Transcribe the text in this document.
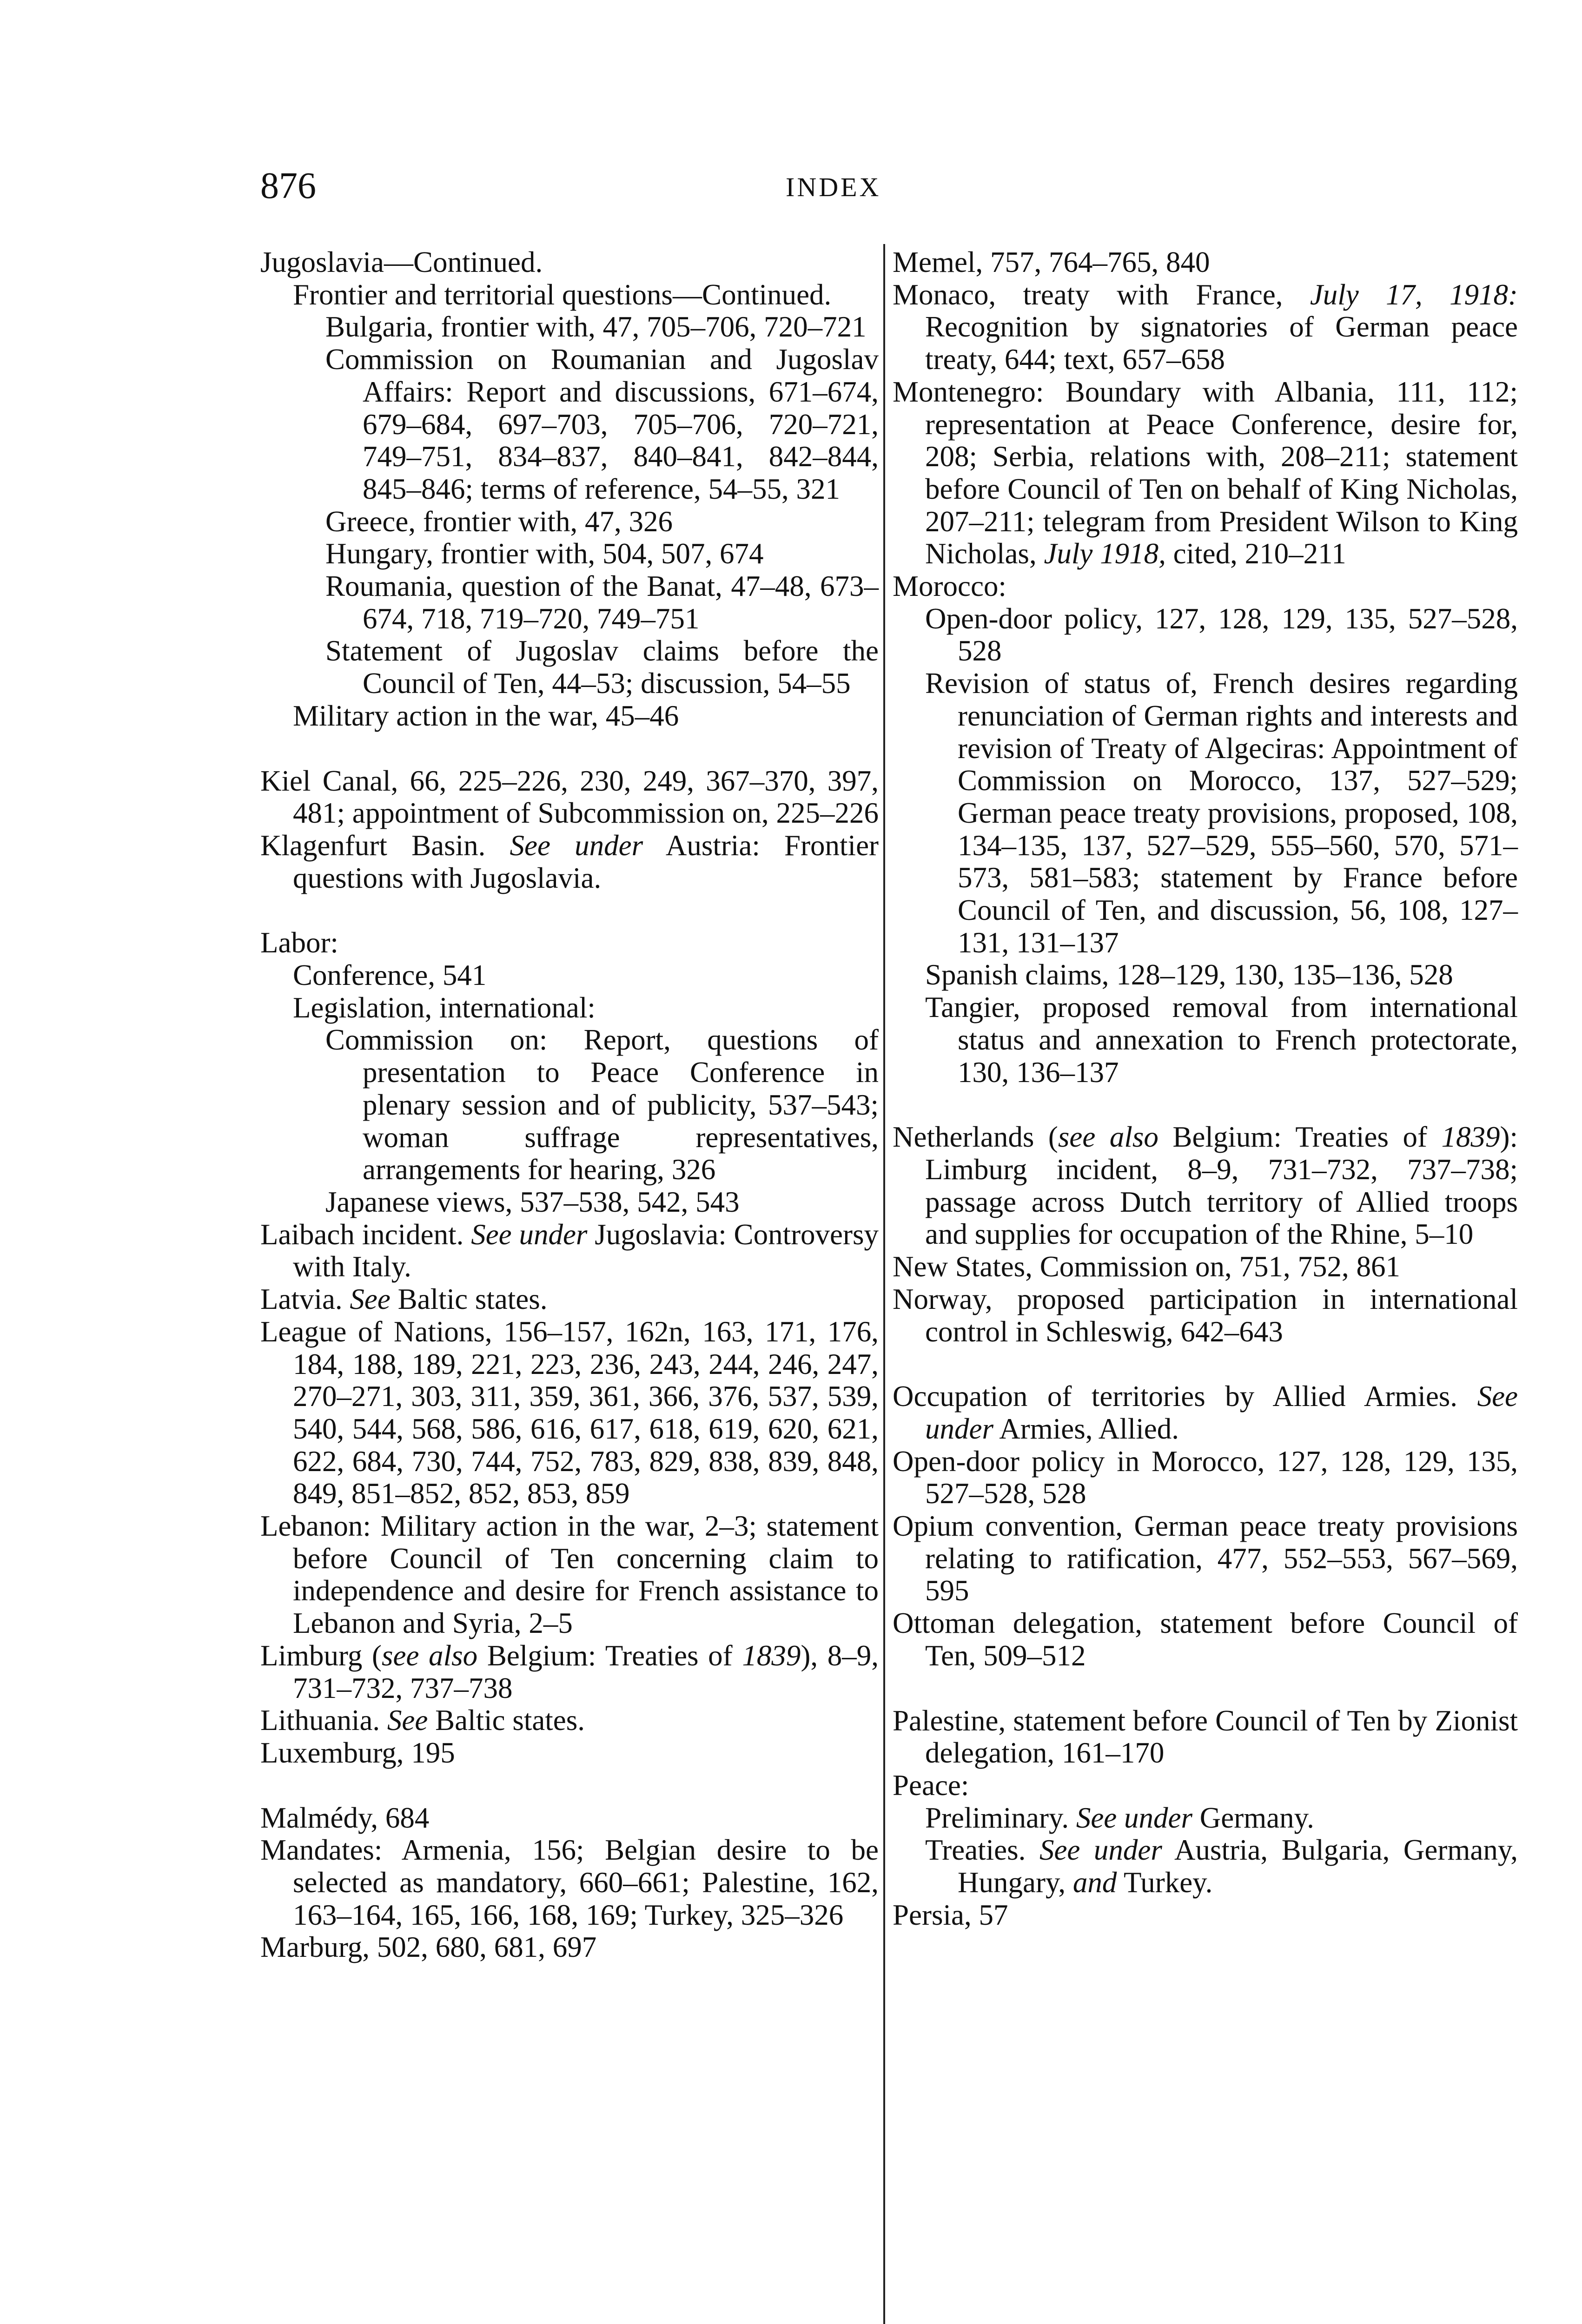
876	INDEX
Jugoslavia—Continued.
Frontier and territorial questions—Continued.
Bulgaria, frontier with, 47, 705–706, 720–721
Commission on Roumanian and Jugoslav Affairs: Report and discussions, 671–674, 679–684, 697–703, 705–706, 720–721, 749–751, 834–837, 840–841, 842–844, 845–846; terms of reference, 54–55, 321
Greece, frontier with, 47, 326
Hungary, frontier with, 504, 507, 674
Roumania, question of the Banat, 47–48, 673–674, 718, 719–720, 749–751
Statement of Jugoslav claims before the Council of Ten, 44–53; discussion, 54–55
Military action in the war, 45–46
Kiel Canal, 66, 225–226, 230, 249, 367–370, 397, 481; appointment of Subcommission on, 225–226
Klagenfurt Basin. See under Austria: Frontier questions with Jugoslavia.
Labor:
Conference, 541
Legislation, international:
Commission on: Report, questions of presentation to Peace Conference in plenary session and of publicity, 537–543; woman suffrage representatives, arrangements for hearing, 326
Japanese views, 537–538, 542, 543
Laibach incident. See under Jugoslavia: Controversy with Italy.
Latvia. See Baltic states.
League of Nations, 156–157, 162n, 163, 171, 176, 184, 188, 189, 221, 223, 236, 243, 244, 246, 247, 270–271, 303, 311, 359, 361, 366, 376, 537, 539, 540, 544, 568, 586, 616, 617, 618, 619, 620, 621, 622, 684, 730, 744, 752, 783, 829, 838, 839, 848, 849, 851–852, 852, 853, 859
Lebanon: Military action in the war, 2–3; statement before Council of Ten concerning claim to independence and desire for French assistance to Lebanon and Syria, 2–5
Limburg (see also Belgium: Treaties of 1839), 8–9, 731–732, 737–738
Lithuania. See Baltic states.
Luxemburg, 195
Malmédy, 684
Mandates: Armenia, 156; Belgian desire to be selected as mandatory, 660–661; Palestine, 162, 163–164, 165, 166, 168, 169; Turkey, 325–326
Marburg, 502, 680, 681, 697
Memel, 757, 764–765, 840
Monaco, treaty with France, July 17, 1918: Recognition by signatories of German peace treaty, 644; text, 657–658
Montenegro: Boundary with Albania, 111, 112; representation at Peace Conference, desire for, 208; Serbia, relations with, 208–211; statement before Council of Ten on behalf of King Nicholas, 207–211; telegram from President Wilson to King Nicholas, July 1918, cited, 210–211
Morocco:
Open-door policy, 127, 128, 129, 135, 527–528, 528
Revision of status of, French desires regarding renunciation of German rights and interests and revision of Treaty of Algeciras: Appointment of Commission on Morocco, 137, 527–529; German peace treaty provisions, proposed, 108, 134–135, 137, 527–529, 555–560, 570, 571–573, 581–583; statement by France before Council of Ten, and discussion, 56, 108, 127–131, 131–137
Spanish claims, 128–129, 130, 135–136, 528
Tangier, proposed removal from international status and annexation to French protectorate, 130, 136–137
Netherlands (see also Belgium: Treaties of 1839): Limburg incident, 8–9, 731–732, 737–738; passage across Dutch territory of Allied troops and supplies for occupation of the Rhine, 5–10
New States, Commission on, 751, 752, 861
Norway, proposed participation in international control in Schleswig, 642–643
Occupation of territories by Allied Armies. See under Armies, Allied.
Open-door policy in Morocco, 127, 128, 129, 135, 527–528, 528
Opium convention, German peace treaty provisions relating to ratification, 477, 552–553, 567–569, 595
Ottoman delegation, statement before Council of Ten, 509–512
Palestine, statement before Council of Ten by Zionist delegation, 161–170
Peace:
Preliminary. See under Germany.
Treaties. See under Austria, Bulgaria, Germany, Hungary, and Turkey.
Persia, 57
